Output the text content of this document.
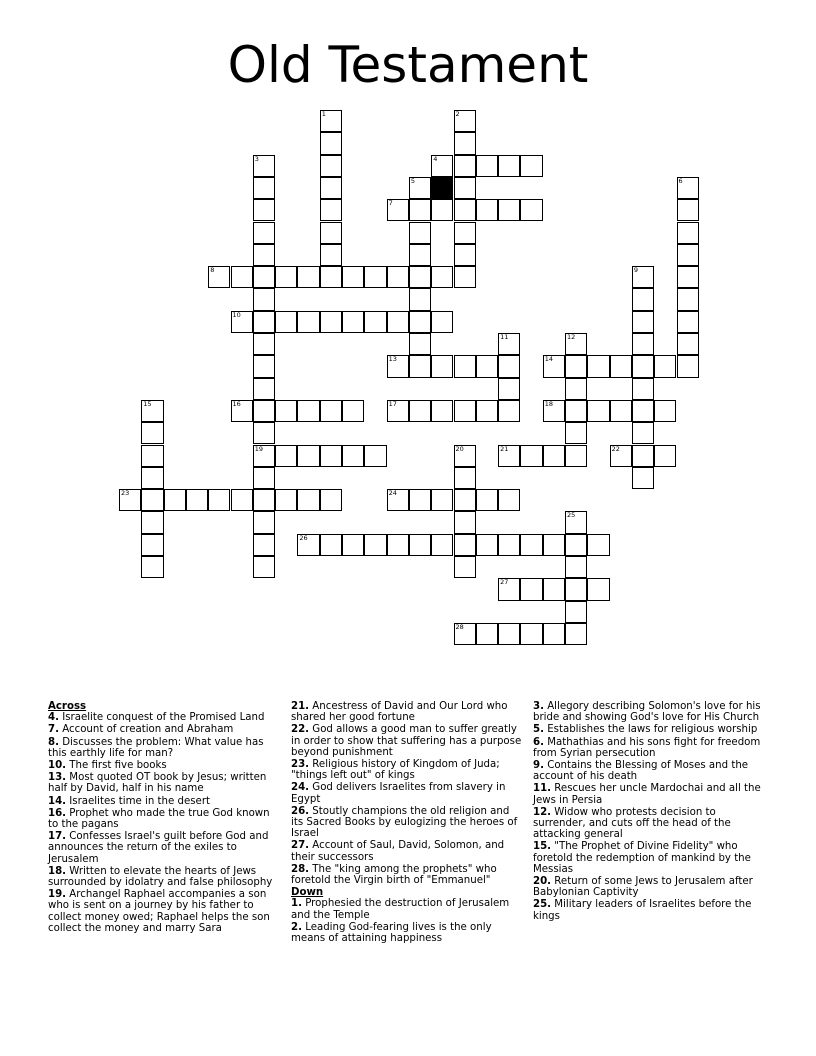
Old Testament
1	2
3
19
5	6
9
11	12
15
20
25
4
7
8
10
13	14
16	17	18
21	22
23	24
26
27
28

Across

4. Israelite conquest of the Promised Land

7. Account of creation and Abraham

8. Discusses the problem: What value has this earthly life for man?

10. The first five books

13. Most quoted OT book by Jesus; written half by David, half in his name

14. Israelites time in the desert

16. Prophet who made the true God known to the pagans

17. Confesses Israel's guilt before God and announces the return of the exiles to Jerusalem

18. Written to elevate the hearts of Jews surrounded by idolatry and false philosophy

19. Archangel Raphael accompanies a son who is sent on a journey by his father to collect money owed; Raphael helps the son collect the money and marry Sara

21. Ancestress of David and Our Lord who shared her good fortune

22. God allows a good man to suffer greatly in order to show that suffering has a purpose beyond punishment

23. Religious history of Kingdom of Juda; "things left out" of kings

24. God delivers Israelites from slavery in Egypt

26. Stoutly champions the old religion and its Sacred Books by eulogizing the heroes of Israel

27. Account of Saul, David, Solomon, and their successors

28. The "king among the prophets" who foretold the Virgin birth of "Emmanuel"

Down

1. Prophesied the destruction of Jerusalem and the Temple

2. Leading God-fearing lives is the only means of attaining happiness

3. Allegory describing Solomon's love for his bride and showing God's love for His Church

5. Establishes the laws for religious worship

6. Mathathias and his sons fight for freedom from Syrian persecution

9. Contains the Blessing of Moses and the account of his death

11. Rescues her uncle Mardochai and all the Jews in Persia

12. Widow who protests decision to surrender, and cuts off the head of the attacking general

15. "The Prophet of Divine Fidelity" who foretold the redemption of mankind by the Messias

20. Return of some Jews to Jerusalem after Babylonian Captivity

25. Military leaders of Israelites before the kings
